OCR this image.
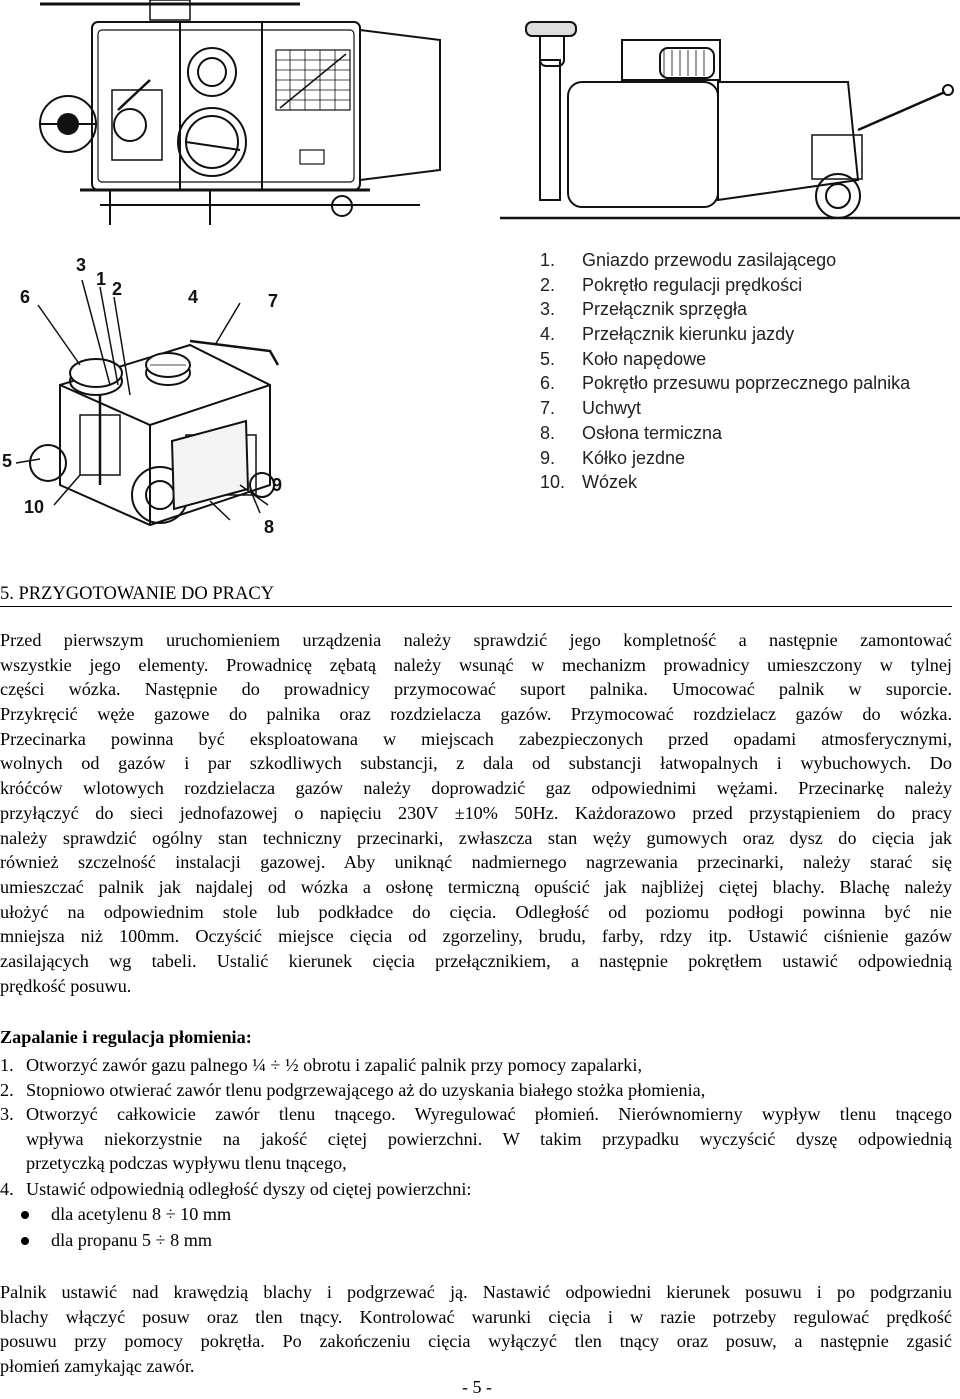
3
1 2	4	7
6
5
9
10
8
1. Gniazdo przewodu zasilającego
2. Pokrętło regulacji prędkości
3. Przełącznik sprzęgła
4. Przełącznik kierunku jazdy
5. Koło napędowe
6. Pokrętło przesuwu poprzecznego palnika
7. Uchwyt
8. Osłona termiczna
9. Kółko jezdne
10. Wózek
5. PRZYGOTOWANIE DO PRACY
Przed pierwszym uruchomieniem urządzenia należy sprawdzić jego kompletność a następnie zamontować
wszystkie jego elementy. Prowadnicę zębatą należy wsunąć w mechanizm prowadnicy umieszczony w tylnej
części wózka. Następnie do prowadnicy przymocować suport palnika. Umocować palnik w suporcie.
Przykręcić węże gazowe do palnika oraz rozdzielacza gazów. Przymocować rozdzielacz gazów do wózka.
Przecinarka powinna być eksploatowana w miejscach zabezpieczonych przed opadami atmosferycznymi,
wolnych od gazów i par szkodliwych substancji, z dala od substancji łatwopalnych i wybuchowych. Do
króćców wlotowych rozdzielacza gazów należy doprowadzić gaz odpowiednimi wężami. Przecinarkę należy
przyłączyć do sieci jednofazowej o napięciu 230V ±10% 50Hz. Każdorazowo przed przystąpieniem do pracy
należy sprawdzić ogólny stan techniczny przecinarki, zwłaszcza stan węży gumowych oraz dysz do cięcia jak
również szczelność instalacji gazowej. Aby uniknąć nadmiernego nagrzewania przecinarki, należy starać się
umieszczać palnik jak najdalej od wózka a osłonę termiczną opuścić jak najbliżej ciętej blachy. Blachę należy
ułożyć na odpowiednim stole lub podkładce do cięcia. Odległość od poziomu podłogi powinna być nie
mniejsza niż 100mm. Oczyścić miejsce cięcia od zgorzeliny, brudu, farby, rdzy itp. Ustawić ciśnienie gazów
zasilających wg tabeli. Ustalić kierunek cięcia przełącznikiem, a następnie pokrętłem ustawić odpowiednią
prędkość posuwu.
Zapalanie i regulacja płomienia:
1. Otworzyć zawór gazu palnego ¼ ÷ ½ obrotu i zapalić palnik przy pomocy zapalarki,
2. Stopniowo otwierać zawór tlenu podgrzewającego aż do uzyskania białego stożka płomienia,
3. Otworzyć całkowicie zawór tlenu tnącego. Wyregulować płomień. Nierównomierny wypływ tlenu tnącego
wpływa niekorzystnie na jakość ciętej powierzchni. W takim przypadku wyczyścić dyszę odpowiednią
przetyczką podczas wypływu tlenu tnącego,
4. Ustawić odpowiednią odległość dyszy od ciętej powierzchni:
dla acetylenu 8 ÷ 10 mm
dla propanu 5 ÷ 8 mm
Palnik ustawić nad krawędzią blachy i podgrzewać ją. Nastawić odpowiedni kierunek posuwu i po podgrzaniu
blachy włączyć posuw oraz tlen tnący. Kontrolować warunki cięcia i w razie potrzeby regulować prędkość
posuwu przy pomocy pokrętła. Po zakończeniu cięcia wyłączyć tlen tnący oraz posuw, a następnie zgasić
płomień zamykając zawór.
- 5 -
